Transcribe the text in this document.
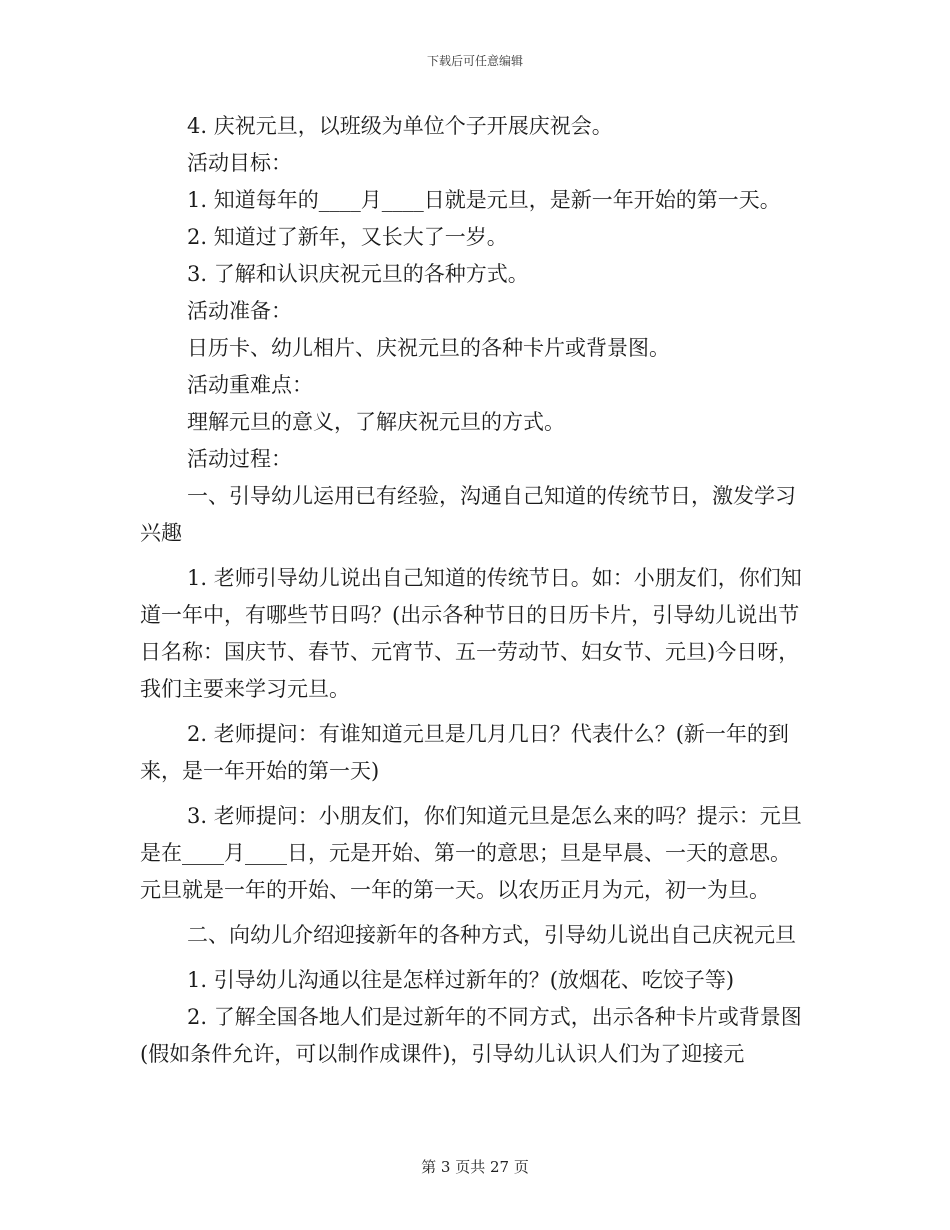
下载后可任意编辑

4. 庆祝元旦，以班级为单位个子开展庆祝会。

活动目标：

1. 知道每年的____月____日就是元旦，是新一年开始的第一天。

2. 知道过了新年，又长大了一岁。

3. 了解和认识庆祝元旦的各种方式。

活动准备：

日历卡、幼儿相片、庆祝元旦的各种卡片或背景图。

活动重难点：

理解元旦的意义，了解庆祝元旦的方式。

活动过程：

一、引导幼儿运用已有经验，沟通自己知道的传统节日，激发学习兴趣

1. 老师引导幼儿说出自己知道的传统节日。如：小朋友们，你们知道一年中，有哪些节日吗？(出示各种节日的日历卡片，引导幼儿说出节日名称：国庆节、春节、元宵节、五一劳动节、妇女节、元旦)今日呀，我们主要来学习元旦。

2. 老师提问：有谁知道元旦是几月几日？代表什么？(新一年的到来，是一年开始的第一天)

3. 老师提问：小朋友们，你们知道元旦是怎么来的吗？提示：元旦是在____月____日，元是开始、第一的意思；旦是早晨、一天的意思。元旦就是一年的开始、一年的第一天。以农历正月为元，初一为旦。

二、向幼儿介绍迎接新年的各种方式，引导幼儿说出自己庆祝元旦

1. 引导幼儿沟通以往是怎样过新年的？(放烟花、吃饺子等)

2. 了解全国各地人们是过新年的不同方式，出示各种卡片或背景图(假如条件允许，可以制作成课件)，引导幼儿认识人们为了迎接元

第 3 页共 27 页
